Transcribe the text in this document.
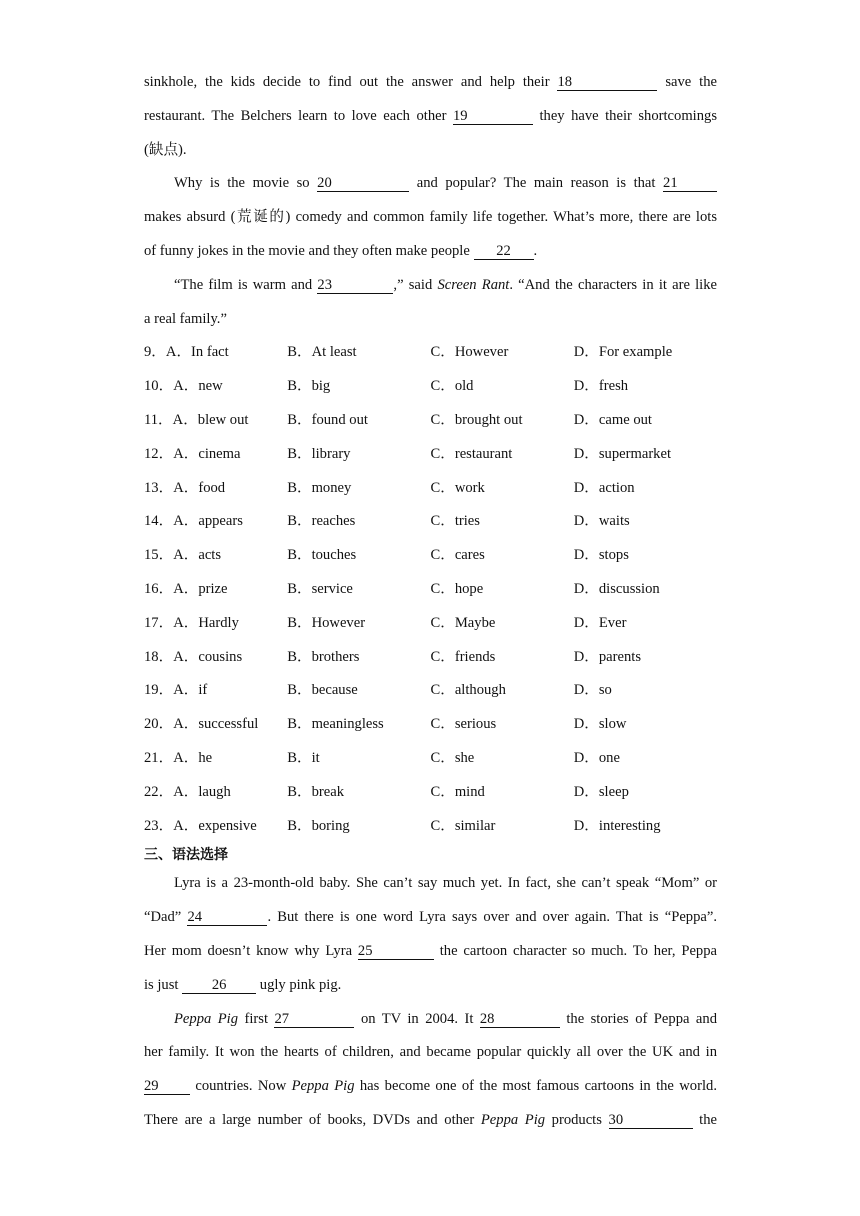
sinkhole, the kids decide to find out the answer and help their 18	save the
restaurant. The Belchers learn to love each other 19	they have their shortcomings
(缺点).
Why is the movie so 20	and popular? The main reason is that 21
makes absurd (荒诞的) comedy and common family life together. What’s more, there are lots
of funny jokes in the movie and they often make people 22 .
“The film is warm and 23	,” said Screen Rant. “And the characters in it are like
a real family.”
9．A．In fact	B．At least	C．However	D．For example
10．A．new	B．big	C．old	D．fresh
11．A．blew out	B．found out	C．brought out	D．came out
12．A．cinema	B．library	C．restaurant	D．supermarket
13．A．food	B．money	C．work	D．action
14．A．appears	B．reaches	C．tries	D．waits
15．A．acts	B．touches	C．cares	D．stops
16．A．prize	B．service	C．hope	D．discussion
17．A．Hardly	B．However	C．Maybe	D．Ever
18．A．cousins	B．brothers	C．friends	D．parents
19．A．if	B．because	C．although	D．so
20．A．successful	B．meaningless	C．serious	D．slow
21．A．he	B．it	C．she	D．one
22．A．laugh	B．break	C．mind	D．sleep
23．A．expensive	B．boring	C．similar	D．interesting
三、语法选择
Lyra is a 23-month-old baby. She can’t say much yet. In fact, she can’t speak “Mom” or
“Dad” 24	. But there is one word Lyra says over and over again. That is “Peppa”.
Her mom doesn’t know why Lyra 25	the cartoon character so much. To her, Peppa
is just 26 ugly pink pig.
Peppa Pig first 27	on TV in 2004. It 28	the stories of Peppa and
her family. It won the hearts of children, and became popular quickly all over the UK and in
29	countries. Now Peppa Pig has become one of the most famous cartoons in the world.
There are a large number of books, DVDs and other Peppa Pig products 30	the
